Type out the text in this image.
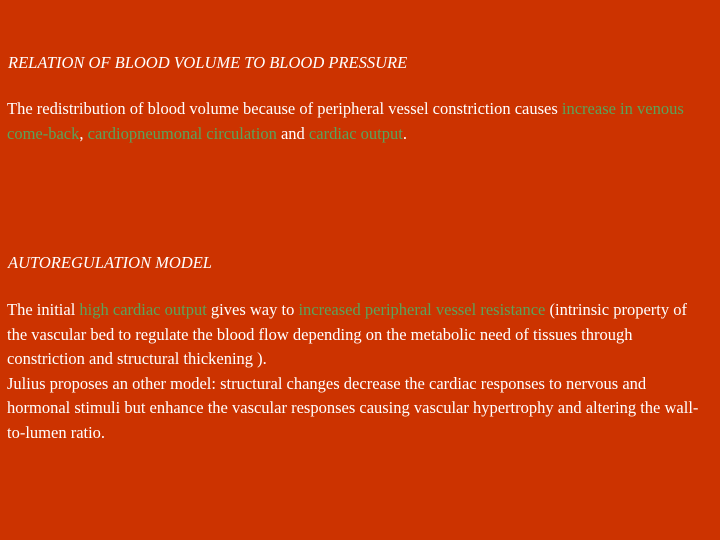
RELATION OF BLOOD VOLUME TO BLOOD PRESSURE

The redistribution of blood volume because of peripheral vessel constriction causes increase in venous come-back, cardiopneumonal circulation and cardiac output.

AUTOREGULATION MODEL

The initial high cardiac output gives way to increased peripheral vessel resistance (intrinsic property of the vascular bed to regulate the blood flow depending on the metabolic need of tissues through constriction and structural thickening ).
Julius proposes an other model: structural changes decrease the cardiac responses to nervous and hormonal stimuli but enhance the vascular responses causing vascular hypertrophy and altering the wall-to-lumen ratio.
